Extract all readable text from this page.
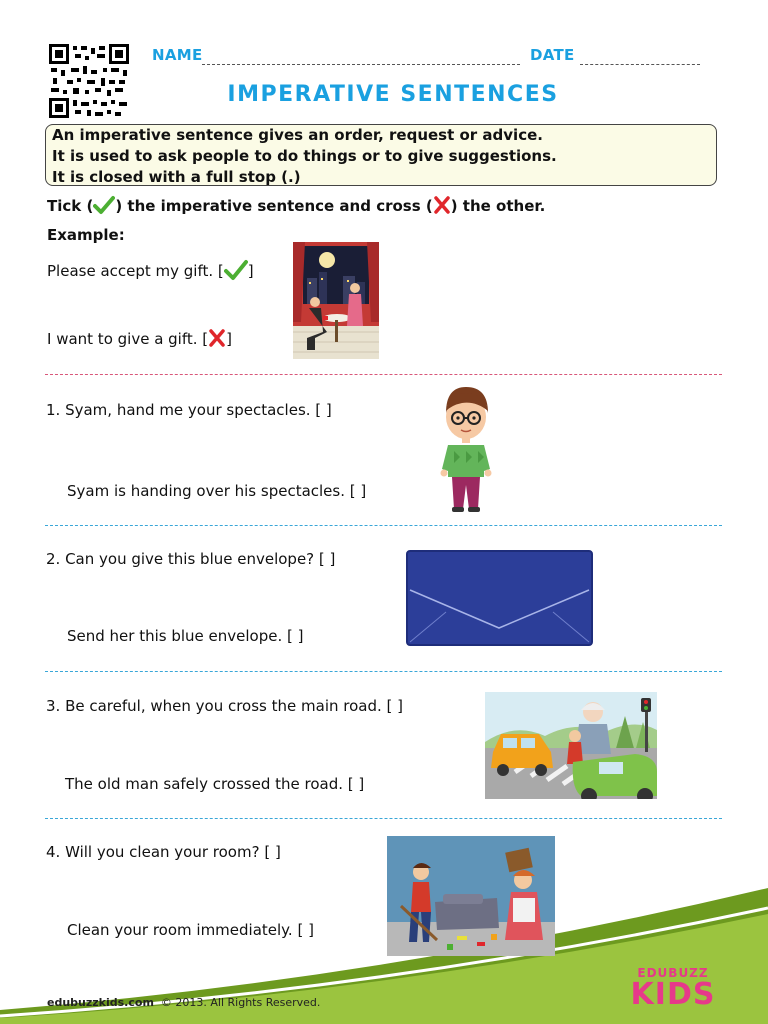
NAME	DATE
IMPERATIVE SENTENCES
An imperative sentence gives an order, request or advice.
It is used to ask people to do things or to give suggestions.
It is closed with a full stop (.)
Tick ( ) the imperative sentence and cross ( ) the other.
Example:
Please accept my gift. [ ]
I want to give a gift. [ ]
1. Syam, hand me your spectacles. [ ]
Syam is handing over his spectacles. [ ]
2. Can you give this blue envelope? [ ]
Send her this blue envelope. [ ]
3. Be careful, when you cross the main road. [ ]
The old man safely crossed the road. [ ]
4. Will you clean your room? [ ]
Clean your room immediately. [ ]
edubuzzkids.com © 2013. All Rights Reserved.
EDUBUZZ
KIDS
